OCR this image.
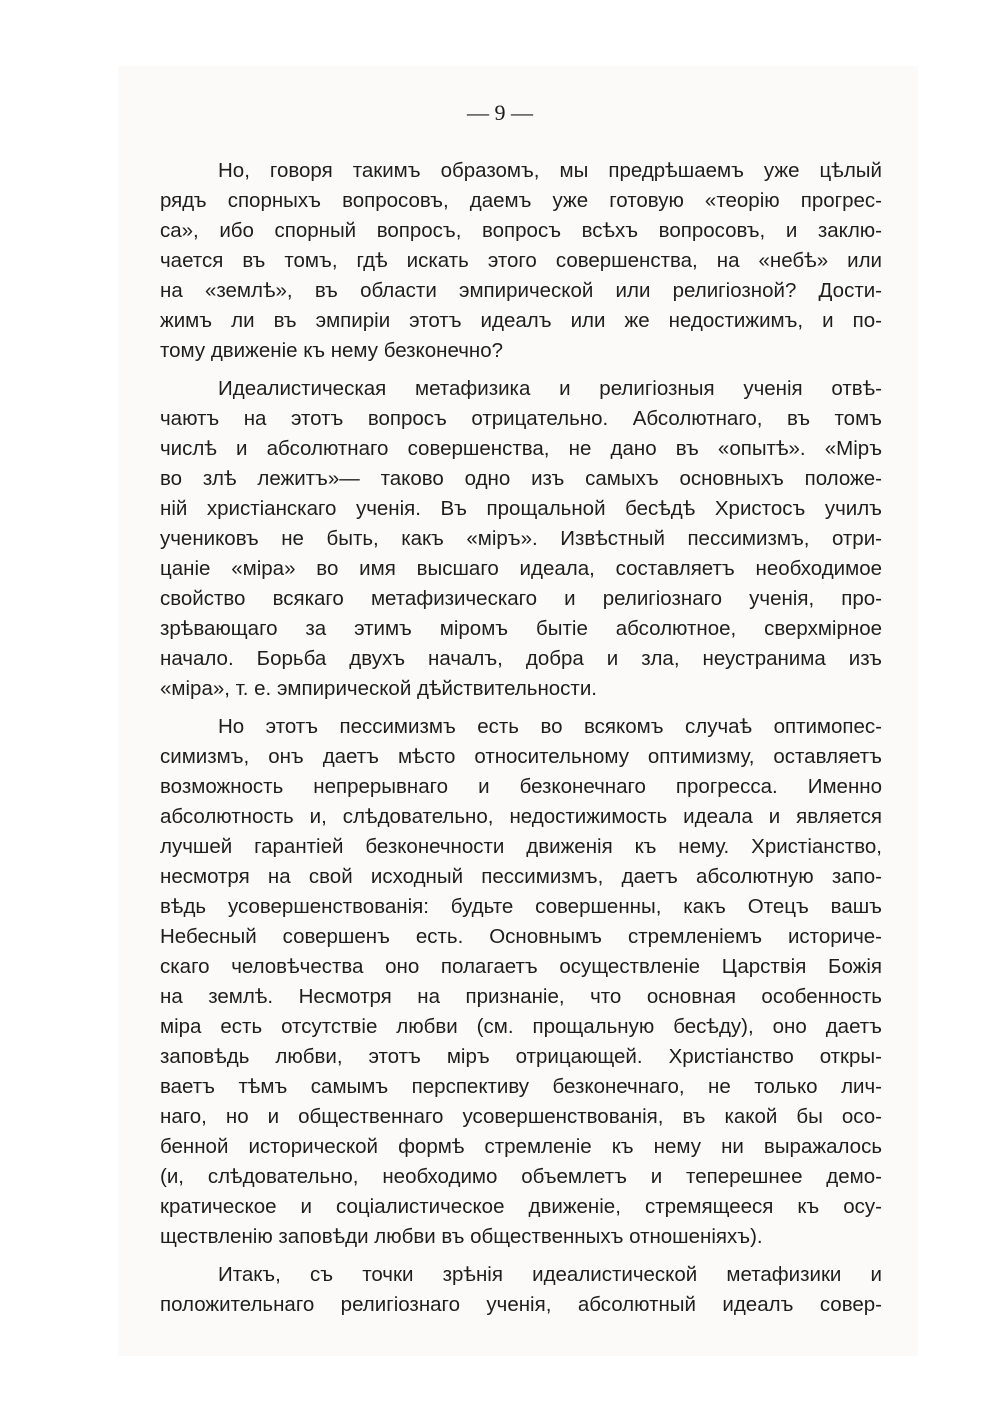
— 9 —
Но, говоря такимъ образомъ, мы предрѣшаемъ уже цѣлый
рядъ спорныхъ вопросовъ, даемъ уже готовую «теорію прогрес-
са», ибо спорный вопросъ, вопросъ всѣхъ вопросовъ, и заклю-
чается въ томъ, гдѣ искать этого совершенства, на «небѣ» или
на «землѣ», въ области эмпирической или религіозной? Дости-
жимъ ли въ эмпиріи этотъ идеалъ или же недостижимъ, и по-
тому движеніе къ нему безконечно?
Идеалистическая метафизика и религіозныя ученія отвѣ-
чаютъ на этотъ вопросъ отрицательно. Абсолютнаго, въ томъ
числѣ и абсолютнаго совершенства, не дано въ «опытѣ». «Міръ
во злѣ лежитъ»— таково одно изъ самыхъ основныхъ положе-
ній христіанскаго ученія. Въ прощальной бесѣдѣ Христосъ училъ
учениковъ не быть, какъ «міръ». Извѣстный пессимизмъ, отри-
цаніе «міра» во имя высшаго идеала, составляетъ необходимое
свойство всякаго метафизическаго и религіознаго ученія, про-
зрѣвающаго за этимъ міромъ бытіе абсолютное, сверхмірное
начало. Борьба двухъ началъ, добра и зла, неустранима изъ
«міра», т. е. эмпирической дѣйствительности.
Но этотъ пессимизмъ есть во всякомъ случаѣ оптимопес-
симизмъ, онъ даетъ мѣсто относительному оптимизму, оставляетъ
возможность непрерывнаго и безконечнаго прогресса. Именно
абсолютность и, слѣдовательно, недостижимость идеала и является
лучшей гарантіей безконечности движенія къ нему. Христіанство,
несмотря на свой исходный пессимизмъ, даетъ абсолютную запо-
вѣдь усовершенствованія: будьте совершенны, какъ Отецъ вашъ
Небесный совершенъ есть. Основнымъ стремленіемъ историче-
скаго человѣчества оно полагаетъ осуществленіе Царствія Божія
на землѣ. Несмотря на признаніе, что основная особенность
міра есть отсутствіе любви (см. прощальную бесѣду), оно даетъ
заповѣдь любви, этотъ міръ отрицающей. Христіанство откры-
ваетъ тѣмъ самымъ перспективу безконечнаго, не только лич-
наго, но и общественнаго усовершенствованія, въ какой бы осо-
бенной исторической формѣ стремленіе къ нему ни выражалось
(и, слѣдовательно, необходимо объемлетъ и теперешнее демо-
кратическое и соціалистическое движеніе, стремящееся къ осу-
ществленію заповѣди любви въ общественныхъ отношеніяхъ).
Итакъ, съ точки зрѣнія идеалистической метафизики и
положительнаго религіознаго ученія, абсолютный идеалъ совер-
